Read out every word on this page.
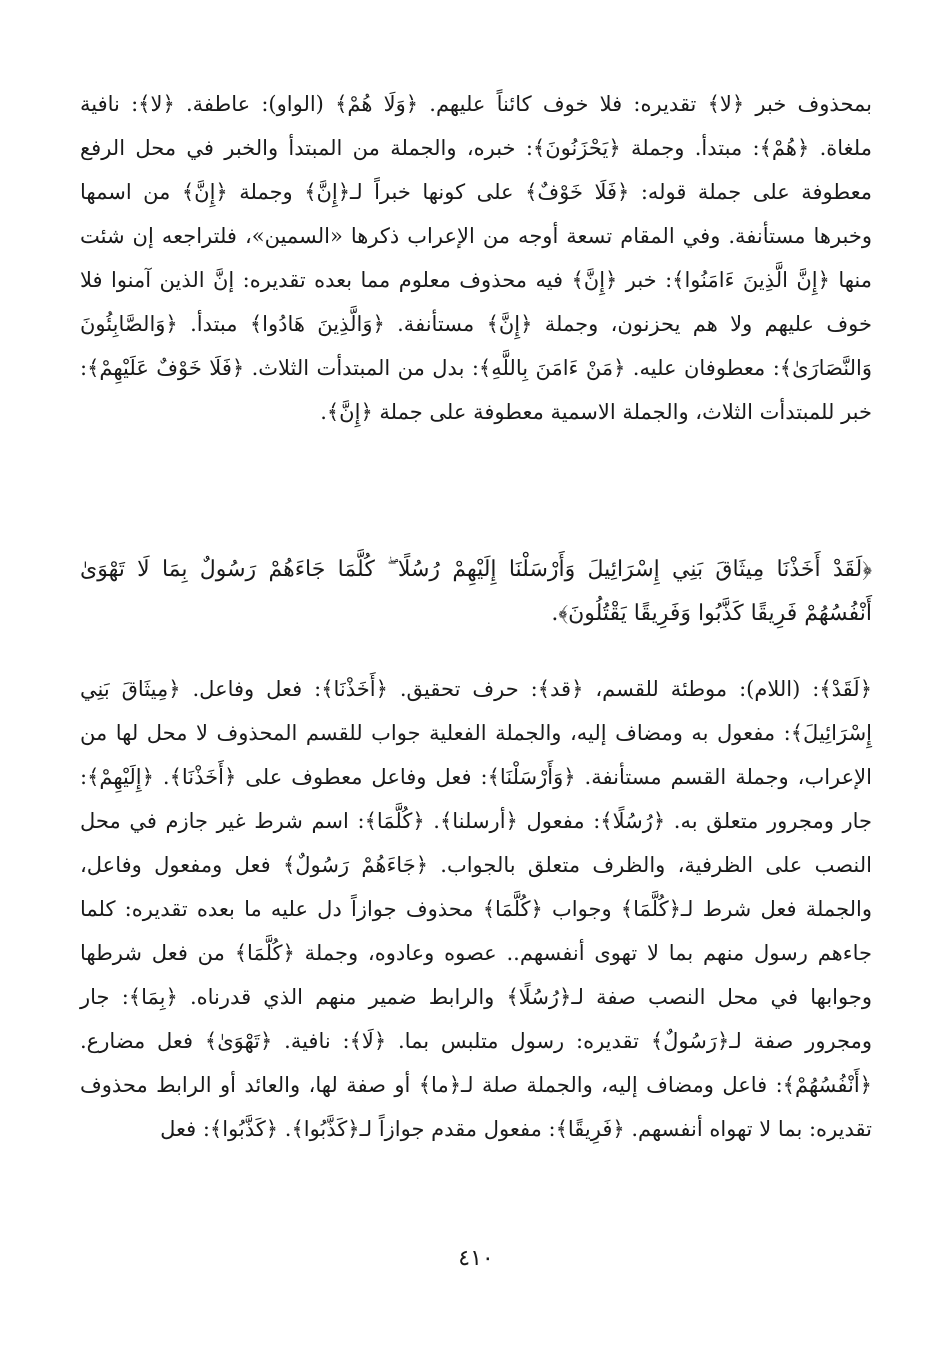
بمحذوف خبر ﴿لا﴾ تقديره: فلا خوف كائناً عليهم. ﴿وَلَا هُمْ﴾ (الواو): عاطفة. ﴿لا﴾: نافية ملغاة. ﴿هُمْ﴾: مبتدأ. وجملة ﴿يَحْزَنُونَ﴾: خبره، والجملة من المبتدأ والخبر في محل الرفع معطوفة على جملة قوله: ﴿فَلَا خَوْفٌ﴾ على كونها خبراً لـ﴿إِنَّ﴾ وجملة ﴿إِنَّ﴾ من اسمها وخبرها مستأنفة. وفي المقام تسعة أوجه من الإعراب ذكرها «السمين»، فلتراجعه إن شئت منها ﴿إِنَّ الَّذِينَ ءَامَنُوا﴾: خبر ﴿إِنَّ﴾ فيه محذوف معلوم مما بعده تقديره: إنَّ الذين آمنوا فلا خوف عليهم ولا هم يحزنون، وجملة ﴿إِنَّ﴾ مستأنفة. ﴿وَالَّذِينَ هَادُوا﴾ مبتدأ. ﴿وَالصَّابِئُونَ وَالنَّصَارَىٰ﴾: معطوفان عليه. ﴿مَنْ ءَامَنَ بِاللَّهِ﴾: بدل من المبتدأت الثلاث. ﴿فَلَا خَوْفٌ عَلَيْهِمْ﴾: خبر للمبتدأت الثلاث، والجملة الاسمية معطوفة على جملة ﴿إِنَّ﴾.

﴿لَقَدْ أَخَذْنَا مِيثَاقَ بَنِي إِسْرَائِيلَ وَأَرْسَلْنَا إِلَيْهِمْ رُسُلًا ۖ كُلَّمَا جَاءَهُمْ رَسُولٌ بِمَا لَا تَهْوَىٰ أَنْفُسُهُمْ فَرِيقًا كَذَّبُوا وَفَرِيقًا يَقْتُلُونَ﴾.

﴿لَقَدْ﴾: (اللام): موطئة للقسم، ﴿قد﴾: حرف تحقيق. ﴿أَخَذْنَا﴾: فعل وفاعل. ﴿مِيثَاقَ بَنِي إِسْرَائِيلَ﴾: مفعول به ومضاف إليه، والجملة الفعلية جواب للقسم المحذوف لا محل لها من الإعراب، وجملة القسم مستأنفة. ﴿وَأَرْسَلْنَا﴾: فعل وفاعل معطوف على ﴿أَخَذْنَا﴾. ﴿إِلَيْهِمْ﴾: جار ومجرور متعلق به. ﴿رُسُلًا﴾: مفعول ﴿أرسلنا﴾. ﴿كُلَّمَا﴾: اسم شرط غير جازم في محل النصب على الظرفية، والظرف متعلق بالجواب. ﴿جَاءَهُمْ رَسُولٌ﴾ فعل ومفعول وفاعل، والجملة فعل شرط لـ﴿كُلَّمَا﴾ وجواب ﴿كُلَّمَا﴾ محذوف جوازاً دل عليه ما بعده تقديره: كلما جاءهم رسول منهم بما لا تهوى أنفسهم.. عصوه وعادوه، وجملة ﴿كُلَّمَا﴾ من فعل شرطها وجوابها في محل النصب صفة لـ﴿رُسُلًا﴾ والرابط ضمير منهم الذي قدرناه. ﴿بِمَا﴾: جار ومجرور صفة لـ﴿رَسُولٌ﴾ تقديره: رسول متلبس بما. ﴿لَا﴾: نافية. ﴿تَهْوَىٰ﴾ فعل مضارع. ﴿أَنْفُسُهُمْ﴾: فاعل ومضاف إليه، والجملة صلة لـ﴿ما﴾ أو صفة لها، والعائد أو الرابط محذوف تقديره: بما لا تهواه أنفسهم. ﴿فَرِيقًا﴾: مفعول مقدم جوازاً لـ﴿كَذَّبُوا﴾. ﴿كَذَّبُوا﴾: فعل

٤١٠
